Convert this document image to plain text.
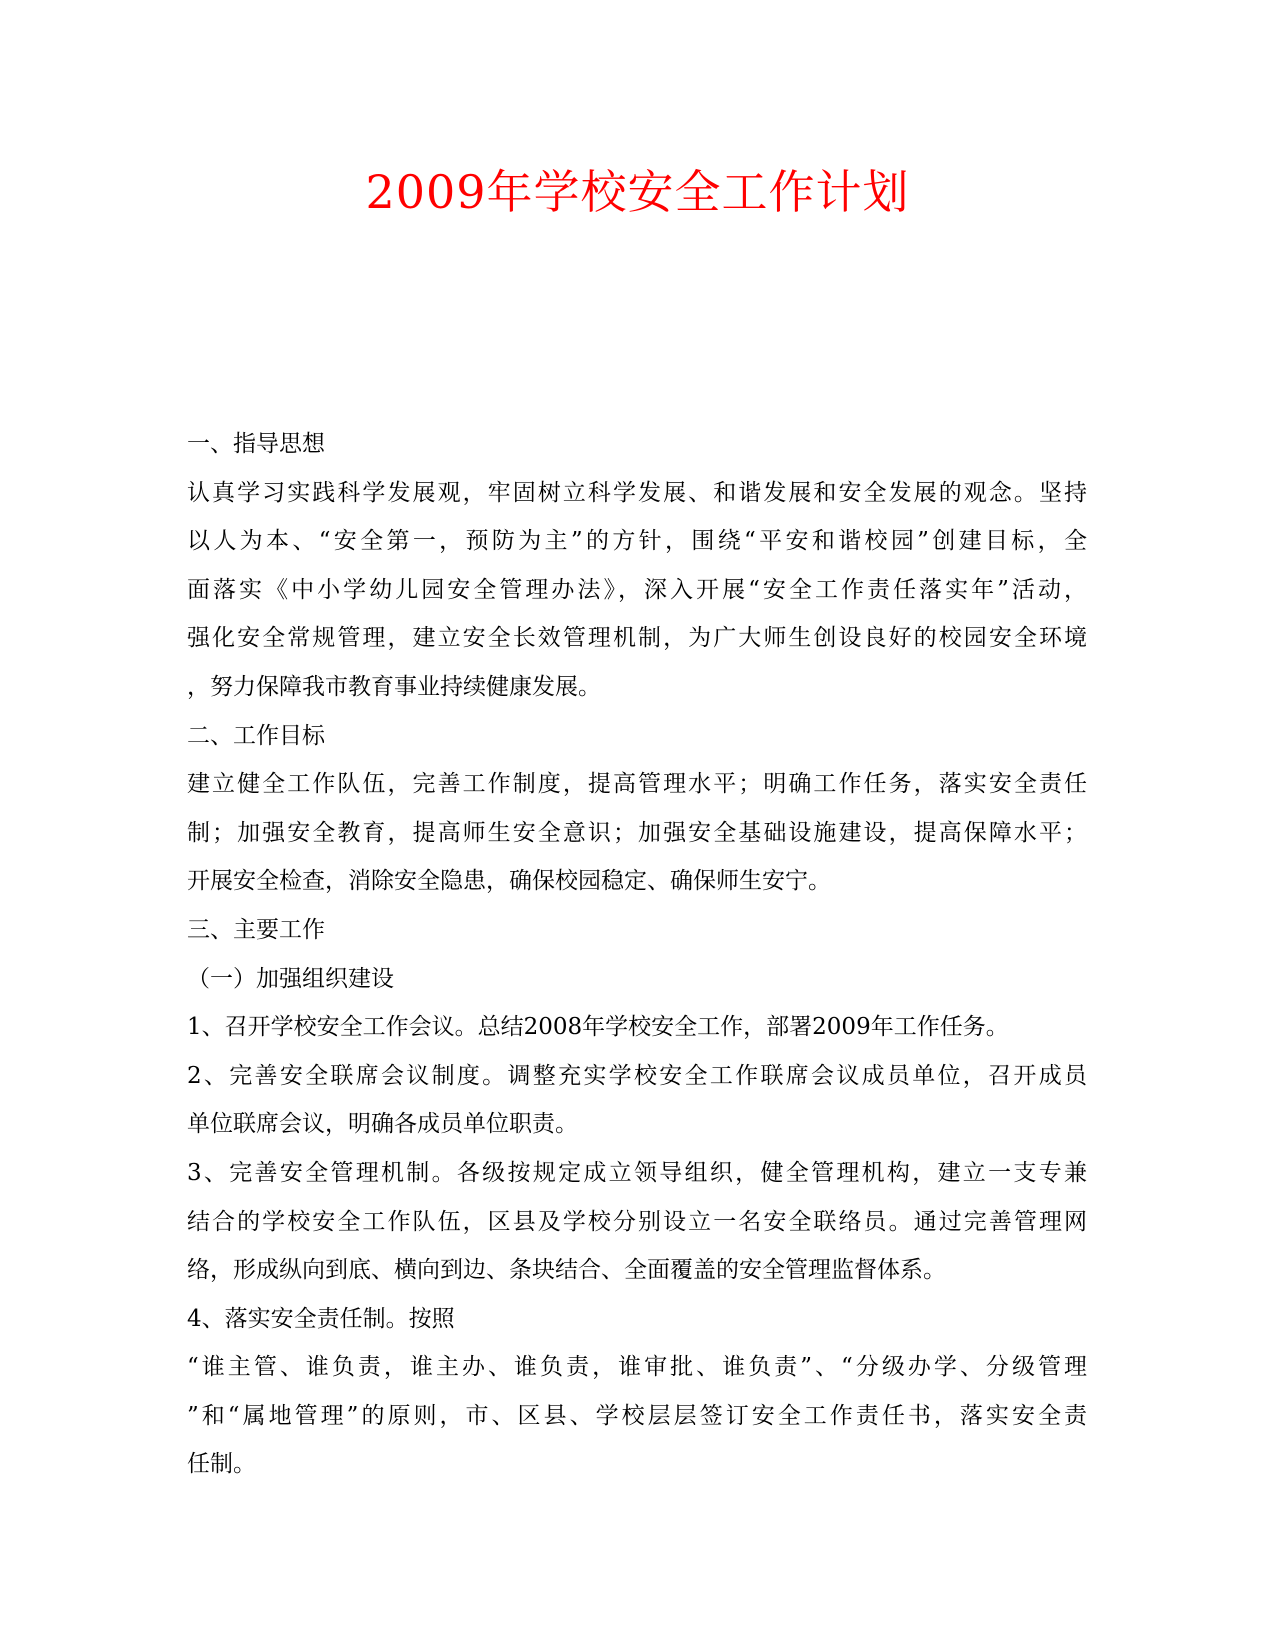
2009年学校安全工作计划

一、指导思想

认真学习实践科学发展观，牢固树立科学发展、和谐发展和安全发展的观念。坚持

以人为本、“安全第一，预防为主”的方针，围绕“平安和谐校园”创建目标，全

面落实《中小学幼儿园安全管理办法》，深入开展“安全工作责任落实年”活动，

强化安全常规管理，建立安全长效管理机制，为广大师生创设良好的校园安全环境

，努力保障我市教育事业持续健康发展。

二、工作目标

建立健全工作队伍，完善工作制度，提高管理水平；明确工作任务，落实安全责任

制；加强安全教育，提高师生安全意识；加强安全基础设施建设，提高保障水平；

开展安全检查，消除安全隐患，确保校园稳定、确保师生安宁。

三、主要工作

（一）加强组织建设

1、召开学校安全工作会议。总结2008年学校安全工作，部署2009年工作任务。

2、完善安全联席会议制度。调整充实学校安全工作联席会议成员单位，召开成员

单位联席会议，明确各成员单位职责。

3、完善安全管理机制。各级按规定成立领导组织，健全管理机构，建立一支专兼

结合的学校安全工作队伍，区县及学校分别设立一名安全联络员。通过完善管理网

络，形成纵向到底、横向到边、条块结合、全面覆盖的安全管理监督体系。

4、落实安全责任制。按照

“谁主管、谁负责，谁主办、谁负责，谁审批、谁负责”、“分级办学、分级管理

”和“属地管理”的原则，市、区县、学校层层签订安全工作责任书，落实安全责

任制。
